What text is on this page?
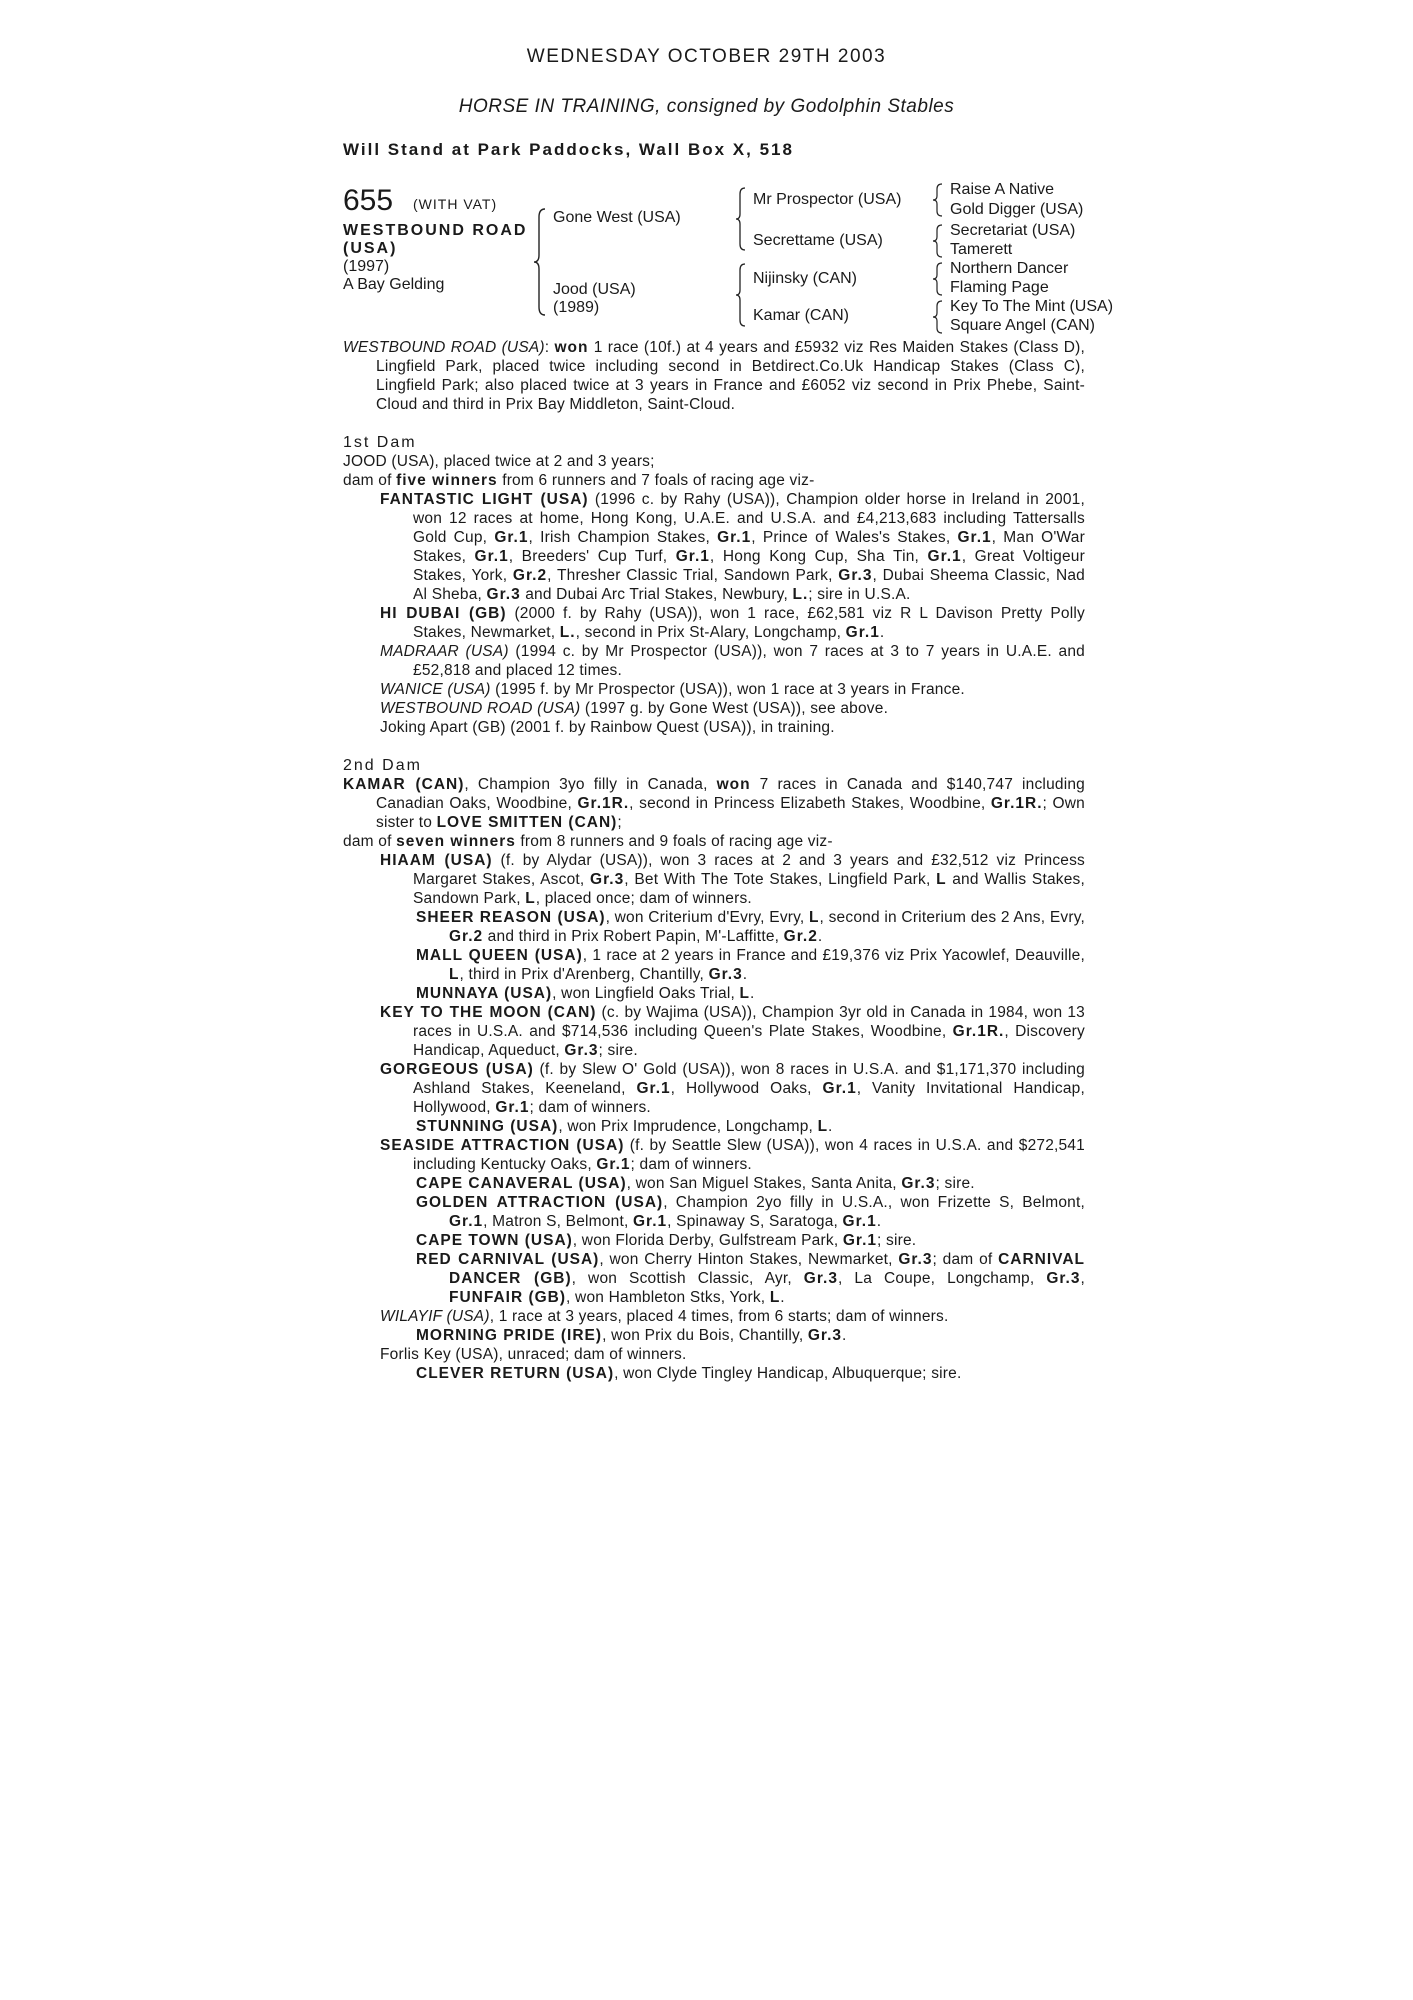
WEDNESDAY OCTOBER 29TH 2003
HORSE IN TRAINING, consigned by Godolphin Stables
Will Stand at Park Paddocks, Wall Box X, 518
655 (WITH VAT)
WESTBOUND ROAD
(USA)
(1997)
A Bay Gelding
Gone West (USA)
Jood (USA)
(1989)
Mr Prospector (USA)
Secrettame (USA)
Nijinsky (CAN)
Kamar (CAN)
Raise A Native
Gold Digger (USA)
Secretariat (USA)
Tamerett
Northern Dancer
Flaming Page
Key To The Mint (USA)
Square Angel (CAN)

WESTBOUND ROAD (USA): won 1 race (10f.) at 4 years and £5932 viz Res Maiden Stakes (Class D), Lingfield Park, placed twice including second in Betdirect.Co.Uk Handicap Stakes (Class C), Lingfield Park; also placed twice at 3 years in France and £6052 viz second in Prix Phebe, Saint-Cloud and third in Prix Bay Middleton, Saint-Cloud.

1st Dam
JOOD (USA), placed twice at 2 and 3 years;
dam of five winners from 6 runners and 7 foals of racing age viz-

FANTASTIC LIGHT (USA) (1996 c. by Rahy (USA)), Champion older horse in Ireland in 2001, won 12 races at home, Hong Kong, U.A.E. and U.S.A. and £4,213,683 including Tattersalls Gold Cup, Gr.1, Irish Champion Stakes, Gr.1, Prince of Wales's Stakes, Gr.1, Man O'War Stakes, Gr.1, Breeders' Cup Turf, Gr.1, Hong Kong Cup, Sha Tin, Gr.1, Great Voltigeur Stakes, York, Gr.2, Thresher Classic Trial, Sandown Park, Gr.3, Dubai Sheema Classic, Nad Al Sheba, Gr.3 and Dubai Arc Trial Stakes, Newbury, L.; sire in U.S.A.

HI DUBAI (GB) (2000 f. by Rahy (USA)), won 1 race, £62,581 viz R L Davison Pretty Polly Stakes, Newmarket, L., second in Prix St-Alary, Longchamp, Gr.1.

MADRAAR (USA) (1994 c. by Mr Prospector (USA)), won 7 races at 3 to 7 years in U.A.E. and £52,818 and placed 12 times.

WANICE (USA) (1995 f. by Mr Prospector (USA)), won 1 race at 3 years in France.

WESTBOUND ROAD (USA) (1997 g. by Gone West (USA)), see above.

Joking Apart (GB) (2001 f. by Rainbow Quest (USA)), in training.

2nd Dam

KAMAR (CAN), Champion 3yo filly in Canada, won 7 races in Canada and $140,747 including Canadian Oaks, Woodbine, Gr.1R., second in Princess Elizabeth Stakes, Woodbine, Gr.1R.; Own sister to LOVE SMITTEN (CAN);

dam of seven winners from 8 runners and 9 foals of racing age viz-

HIAAM (USA) (f. by Alydar (USA)), won 3 races at 2 and 3 years and £32,512 viz Princess Margaret Stakes, Ascot, Gr.3, Bet With The Tote Stakes, Lingfield Park, L and Wallis Stakes, Sandown Park, L, placed once; dam of winners.

SHEER REASON (USA), won Criterium d'Evry, Evry, L, second in Criterium des 2 Ans, Evry, Gr.2 and third in Prix Robert Papin, M'-Laffitte, Gr.2.

MALL QUEEN (USA), 1 race at 2 years in France and £19,376 viz Prix Yacowlef, Deauville, L, third in Prix d'Arenberg, Chantilly, Gr.3.

MUNNAYA (USA), won Lingfield Oaks Trial, L.

KEY TO THE MOON (CAN) (c. by Wajima (USA)), Champion 3yr old in Canada in 1984, won 13 races in U.S.A. and $714,536 including Queen's Plate Stakes, Woodbine, Gr.1R., Discovery Handicap, Aqueduct, Gr.3; sire.

GORGEOUS (USA) (f. by Slew O' Gold (USA)), won 8 races in U.S.A. and $1,171,370 including Ashland Stakes, Keeneland, Gr.1, Hollywood Oaks, Gr.1, Vanity Invitational Handicap, Hollywood, Gr.1; dam of winners.

STUNNING (USA), won Prix Imprudence, Longchamp, L.

SEASIDE ATTRACTION (USA) (f. by Seattle Slew (USA)), won 4 races in U.S.A. and $272,541 including Kentucky Oaks, Gr.1; dam of winners.

CAPE CANAVERAL (USA), won San Miguel Stakes, Santa Anita, Gr.3; sire.

GOLDEN ATTRACTION (USA), Champion 2yo filly in U.S.A., won Frizette S, Belmont, Gr.1, Matron S, Belmont, Gr.1, Spinaway S, Saratoga, Gr.1.

CAPE TOWN (USA), won Florida Derby, Gulfstream Park, Gr.1; sire.

RED CARNIVAL (USA), won Cherry Hinton Stakes, Newmarket, Gr.3; dam of CARNIVAL DANCER (GB), won Scottish Classic, Ayr, Gr.3, La Coupe, Longchamp, Gr.3, FUNFAIR (GB), won Hambleton Stks, York, L.

WILAYIF (USA), 1 race at 3 years, placed 4 times, from 6 starts; dam of winners.

MORNING PRIDE (IRE), won Prix du Bois, Chantilly, Gr.3.

Forlis Key (USA), unraced; dam of winners.

CLEVER RETURN (USA), won Clyde Tingley Handicap, Albuquerque; sire.
